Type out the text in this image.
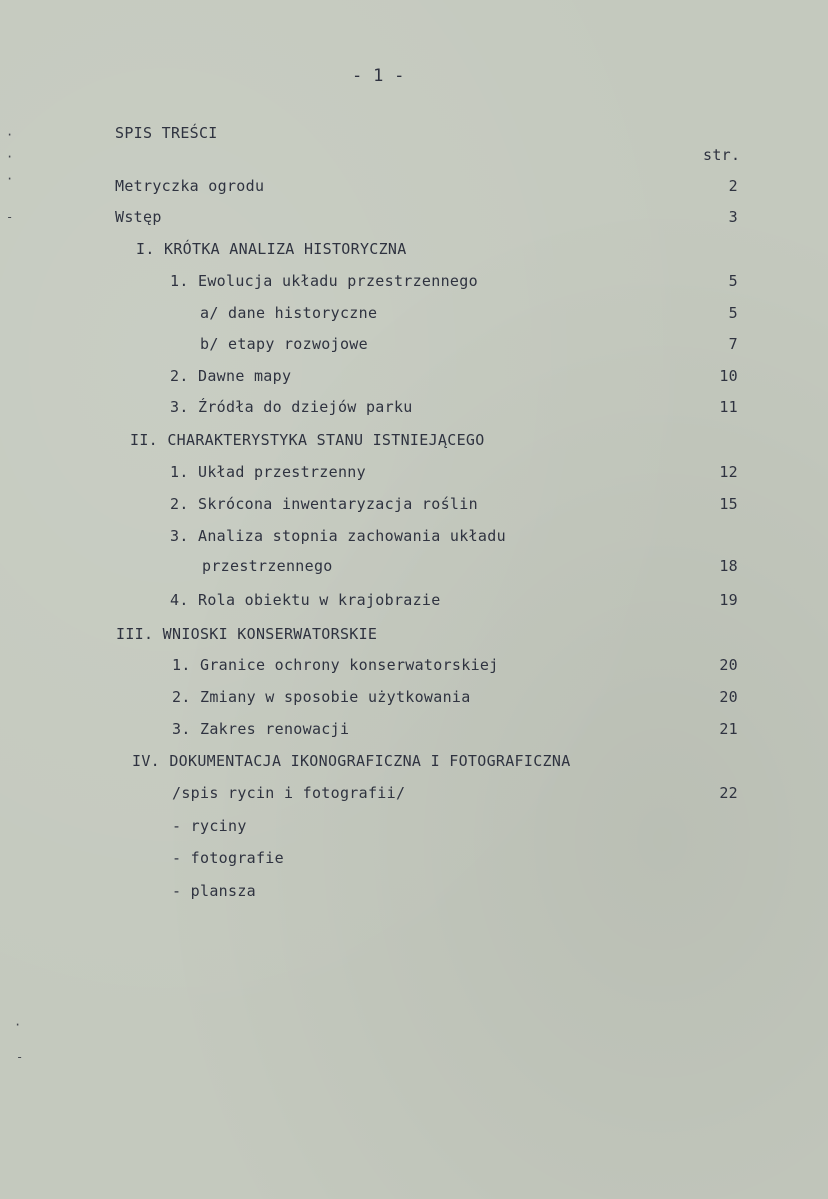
·
·
·
-
·
-
- 1 -
SPIS TREŚCI
str.
Metryczka ogrodu	2
Wstęp	3
I. KRÓTKA ANALIZA HISTORYCZNA
1. Ewolucja układu przestrzennego	5
a/ dane historyczne	5
b/ etapy rozwojowe	7
2. Dawne mapy	10
3. Źródła do dziejów parku	11
II. CHARAKTERYSTYKA STANU ISTNIEJĄCEGO
1. Układ przestrzenny	12
2. Skrócona inwentaryzacja roślin	15
3. Analiza stopnia zachowania układu
przestrzennego	18
4. Rola obiektu w krajobrazie	19
III. WNIOSKI KONSERWATORSKIE
1. Granice ochrony konserwatorskiej	20
2. Zmiany w sposobie użytkowania	20
3. Zakres renowacji	21
IV. DOKUMENTACJA IKONOGRAFICZNA I FOTOGRAFICZNA
/spis rycin i fotografii/	22
- ryciny
- fotografie
- plansza
